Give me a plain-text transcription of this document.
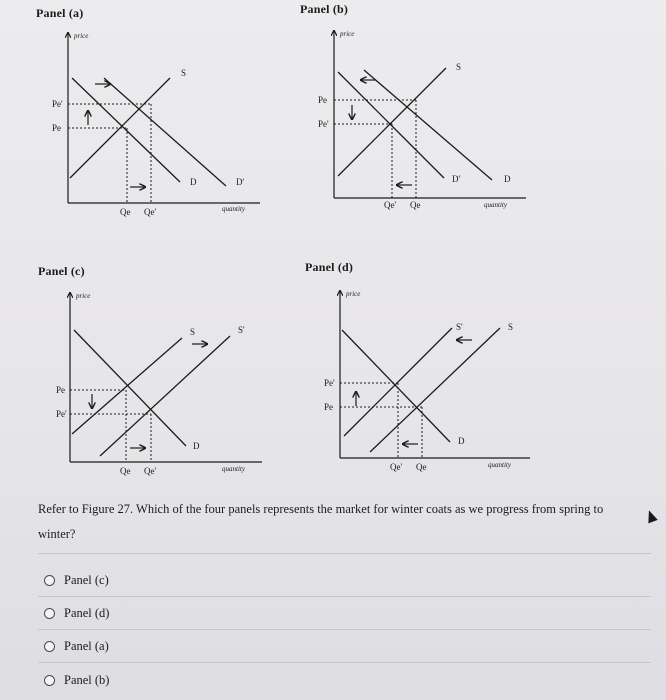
Panel (a)	Panel (b)
Panel (c)	Panel (d)
price
quantity
S
D	D'
Pe'
Pe
Qe Qe'
price
quantity
S
D'	D
Pe
Pe'
Qe' Qe
price
quantity
S	S'
D
Pe
Pe'
Qe Qe'
price
quantity
S'	S
D
Pe'
Pe
Qe' Qe
Refer to Figure 27. Which of the four panels represents the market for winter coats as we progress from spring to winter?
Panel (c)
Panel (d)
Panel (a)
Panel (b)
